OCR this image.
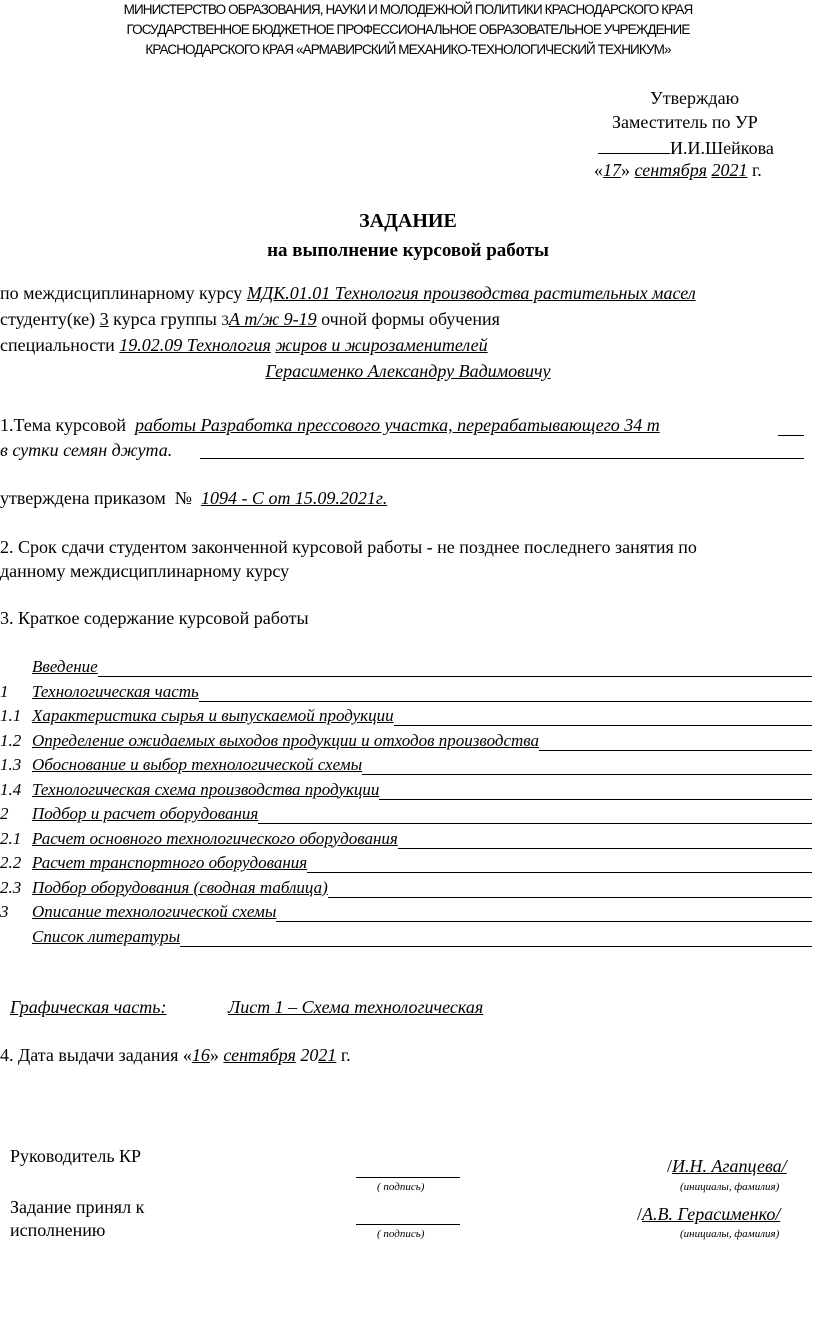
МИНИСТЕРСТВО ОБРАЗОВАНИЯ, НАУКИ И МОЛОДЕЖНОЙ ПОЛИТИКИ КРАСНОДАРСКОГО КРАЯ
ГОСУДАРСТВЕННОЕ БЮДЖЕТНОЕ ПРОФЕССИОНАЛЬНОЕ ОБРАЗОВАТЕЛЬНОЕ УЧРЕЖДЕНИЕ
КРАСНОДАРСКОГО КРАЯ «АРМАВИРСКИЙ МЕХАНИКО-ТЕХНОЛОГИЧЕСКИЙ ТЕХНИКУМ»
Утверждаю
Заместитель по УР
И.И.Шейкова
«17» сентября 2021 г.
ЗАДАНИЕ
на выполнение курсовой работы
по междисциплинарному курсу МДК.01.01 Технология производства растительных масел
студенту(ке) 3 курса группы 3А т/ж 9-19 очной формы обучения
специальности 19.02.09 Технология жиров и жирозаменителей
Герасименко Александру Вадимовичу
1.Тема курсовой работы Разработка прессового участка, перерабатывающего 34 т
в сутки семян джута.
утверждена приказом № 1094 - С от 15.09.2021г.
2. Срок сдачи студентом законченной курсовой работы - не позднее последнего занятия по
данному междисциплинарному курсу
3. Краткое содержание курсовой работы
Введение
1 Технологическая часть
1.1 Характеристика сырья и выпускаемой продукции
1.2 Определение ожидаемых выходов продукции и отходов производства
1.3 Обоснование и выбор технологической схемы
1.4 Технологическая схема производства продукции
2 Подбор и расчет оборудования
2.1 Расчет основного технологического оборудования
2.2 Расчет транспортного оборудования
2.3 Подбор оборудования (сводная таблица)
3 Описание технологической схемы
Список литературы
Графическая часть:	Лист 1 – Схема технологическая
4. Дата выдачи задания «16» сентября 2021 г.
Руководитель КР
( подпись)
/И.Н. Агапцева/
(инициалы, фамилия)
Задание принял к
исполнению	( подпись)
/А.В. Герасименко/
(инициалы, фамилия)
